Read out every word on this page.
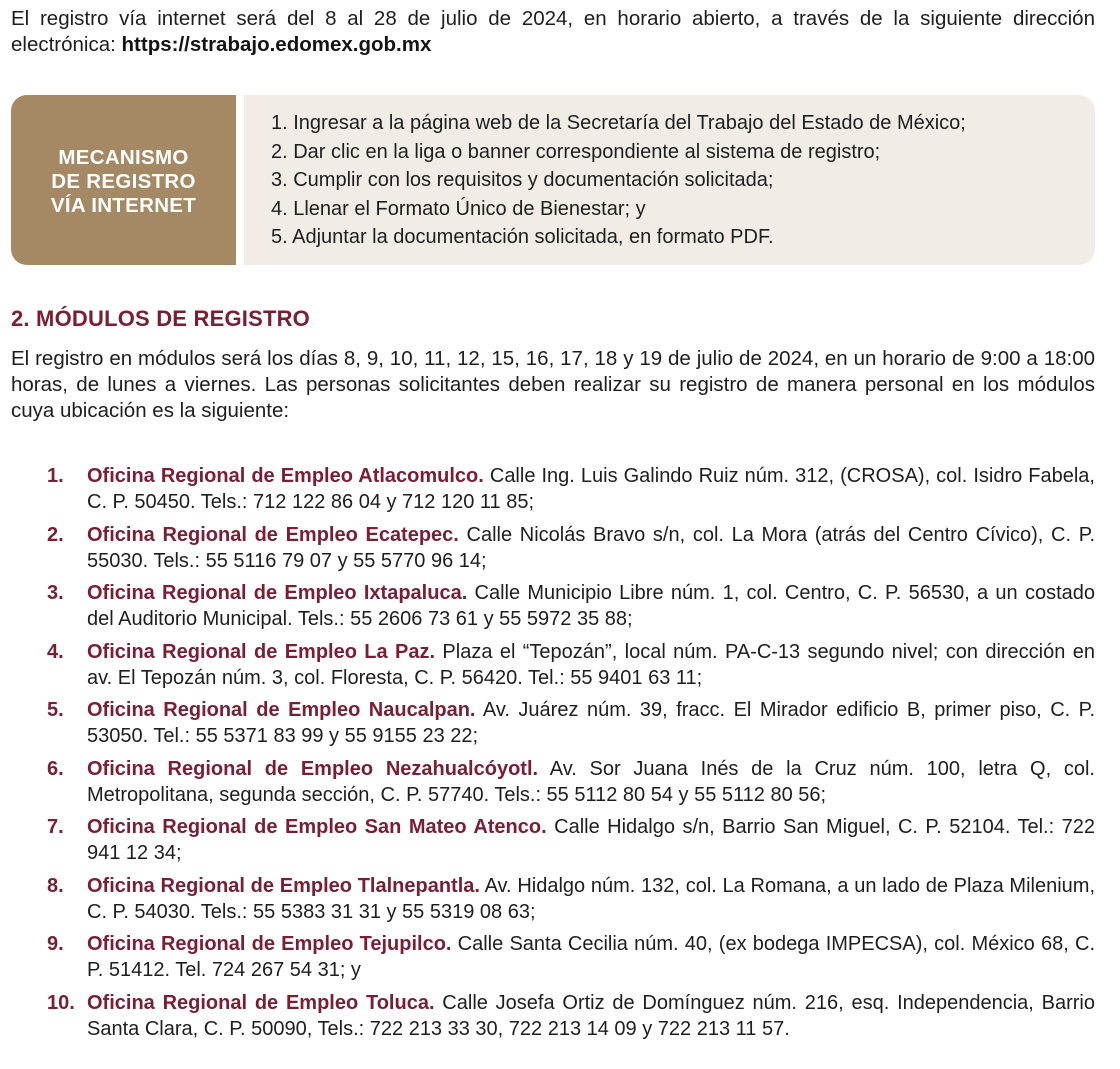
El registro vía internet será del 8 al 28 de julio de 2024, en horario abierto, a través de la siguiente dirección electrónica: https://strabajo.edomex.gob.mx

MECANISMO
DE REGISTRO
VÍA INTERNET
1. Ingresar a la página web de la Secretaría del Trabajo del Estado de México;
2. Dar clic en la liga o banner correspondiente al sistema de registro;
3. Cumplir con los requisitos y documentación solicitada;
4. Llenar el Formato Único de Bienestar; y
5. Adjuntar la documentación solicitada, en formato PDF.
2. MÓDULOS DE REGISTRO

El registro en módulos será los días 8, 9, 10, 11, 12, 15, 16, 17, 18 y 19 de julio de 2024, en un horario de 9:00 a 18:00 horas, de lunes a viernes. Las personas solicitantes deben realizar su registro de manera personal en los módulos cuya ubicación es la siguiente:

1. Oficina Regional de Empleo Atlacomulco. Calle Ing. Luis Galindo Ruiz núm. 312, (CROSA), col. Isidro Fabela, C. P. 50450. Tels.: 712 122 86 04 y 712 120 11 85;
2. Oficina Regional de Empleo Ecatepec. Calle Nicolás Bravo s/n, col. La Mora (atrás del Centro Cívico), C. P. 55030. Tels.: 55 5116 79 07 y 55 5770 96 14;
3. Oficina Regional de Empleo Ixtapaluca. Calle Municipio Libre núm. 1, col. Centro, C. P. 56530, a un costado del Auditorio Municipal. Tels.: 55 2606 73 61 y 55 5972 35 88;
4. Oficina Regional de Empleo La Paz. Plaza el “Tepozán”, local núm. PA-C-13 segundo nivel; con dirección en av. El Tepozán núm. 3, col. Floresta, C. P. 56420. Tel.: 55 9401 63 11;
5. Oficina Regional de Empleo Naucalpan. Av. Juárez núm. 39, fracc. El Mirador edificio B, primer piso, C. P. 53050. Tel.: 55 5371 83 99 y 55 9155 23 22;
6. Oficina Regional de Empleo Nezahualcóyotl. Av. Sor Juana Inés de la Cruz núm. 100, letra Q, col. Metropolitana, segunda sección, C. P. 57740. Tels.: 55 5112 80 54 y 55 5112 80 56;
7. Oficina Regional de Empleo San Mateo Atenco. Calle Hidalgo s/n, Barrio San Miguel, C. P. 52104. Tel.: 722 941 12 34;
8. Oficina Regional de Empleo Tlalnepantla. Av. Hidalgo núm. 132, col. La Romana, a un lado de Plaza Milenium, C. P. 54030. Tels.: 55 5383 31 31 y 55 5319 08 63;
9. Oficina Regional de Empleo Tejupilco. Calle Santa Cecilia núm. 40, (ex bodega IMPECSA), col. México 68, C. P. 51412. Tel. 724 267 54 31; y
10. Oficina Regional de Empleo Toluca. Calle Josefa Ortiz de Domínguez núm. 216, esq. Independencia, Barrio Santa Clara, C. P. 50090, Tels.: 722 213 33 30, 722 213 14 09 y 722 213 11 57.
